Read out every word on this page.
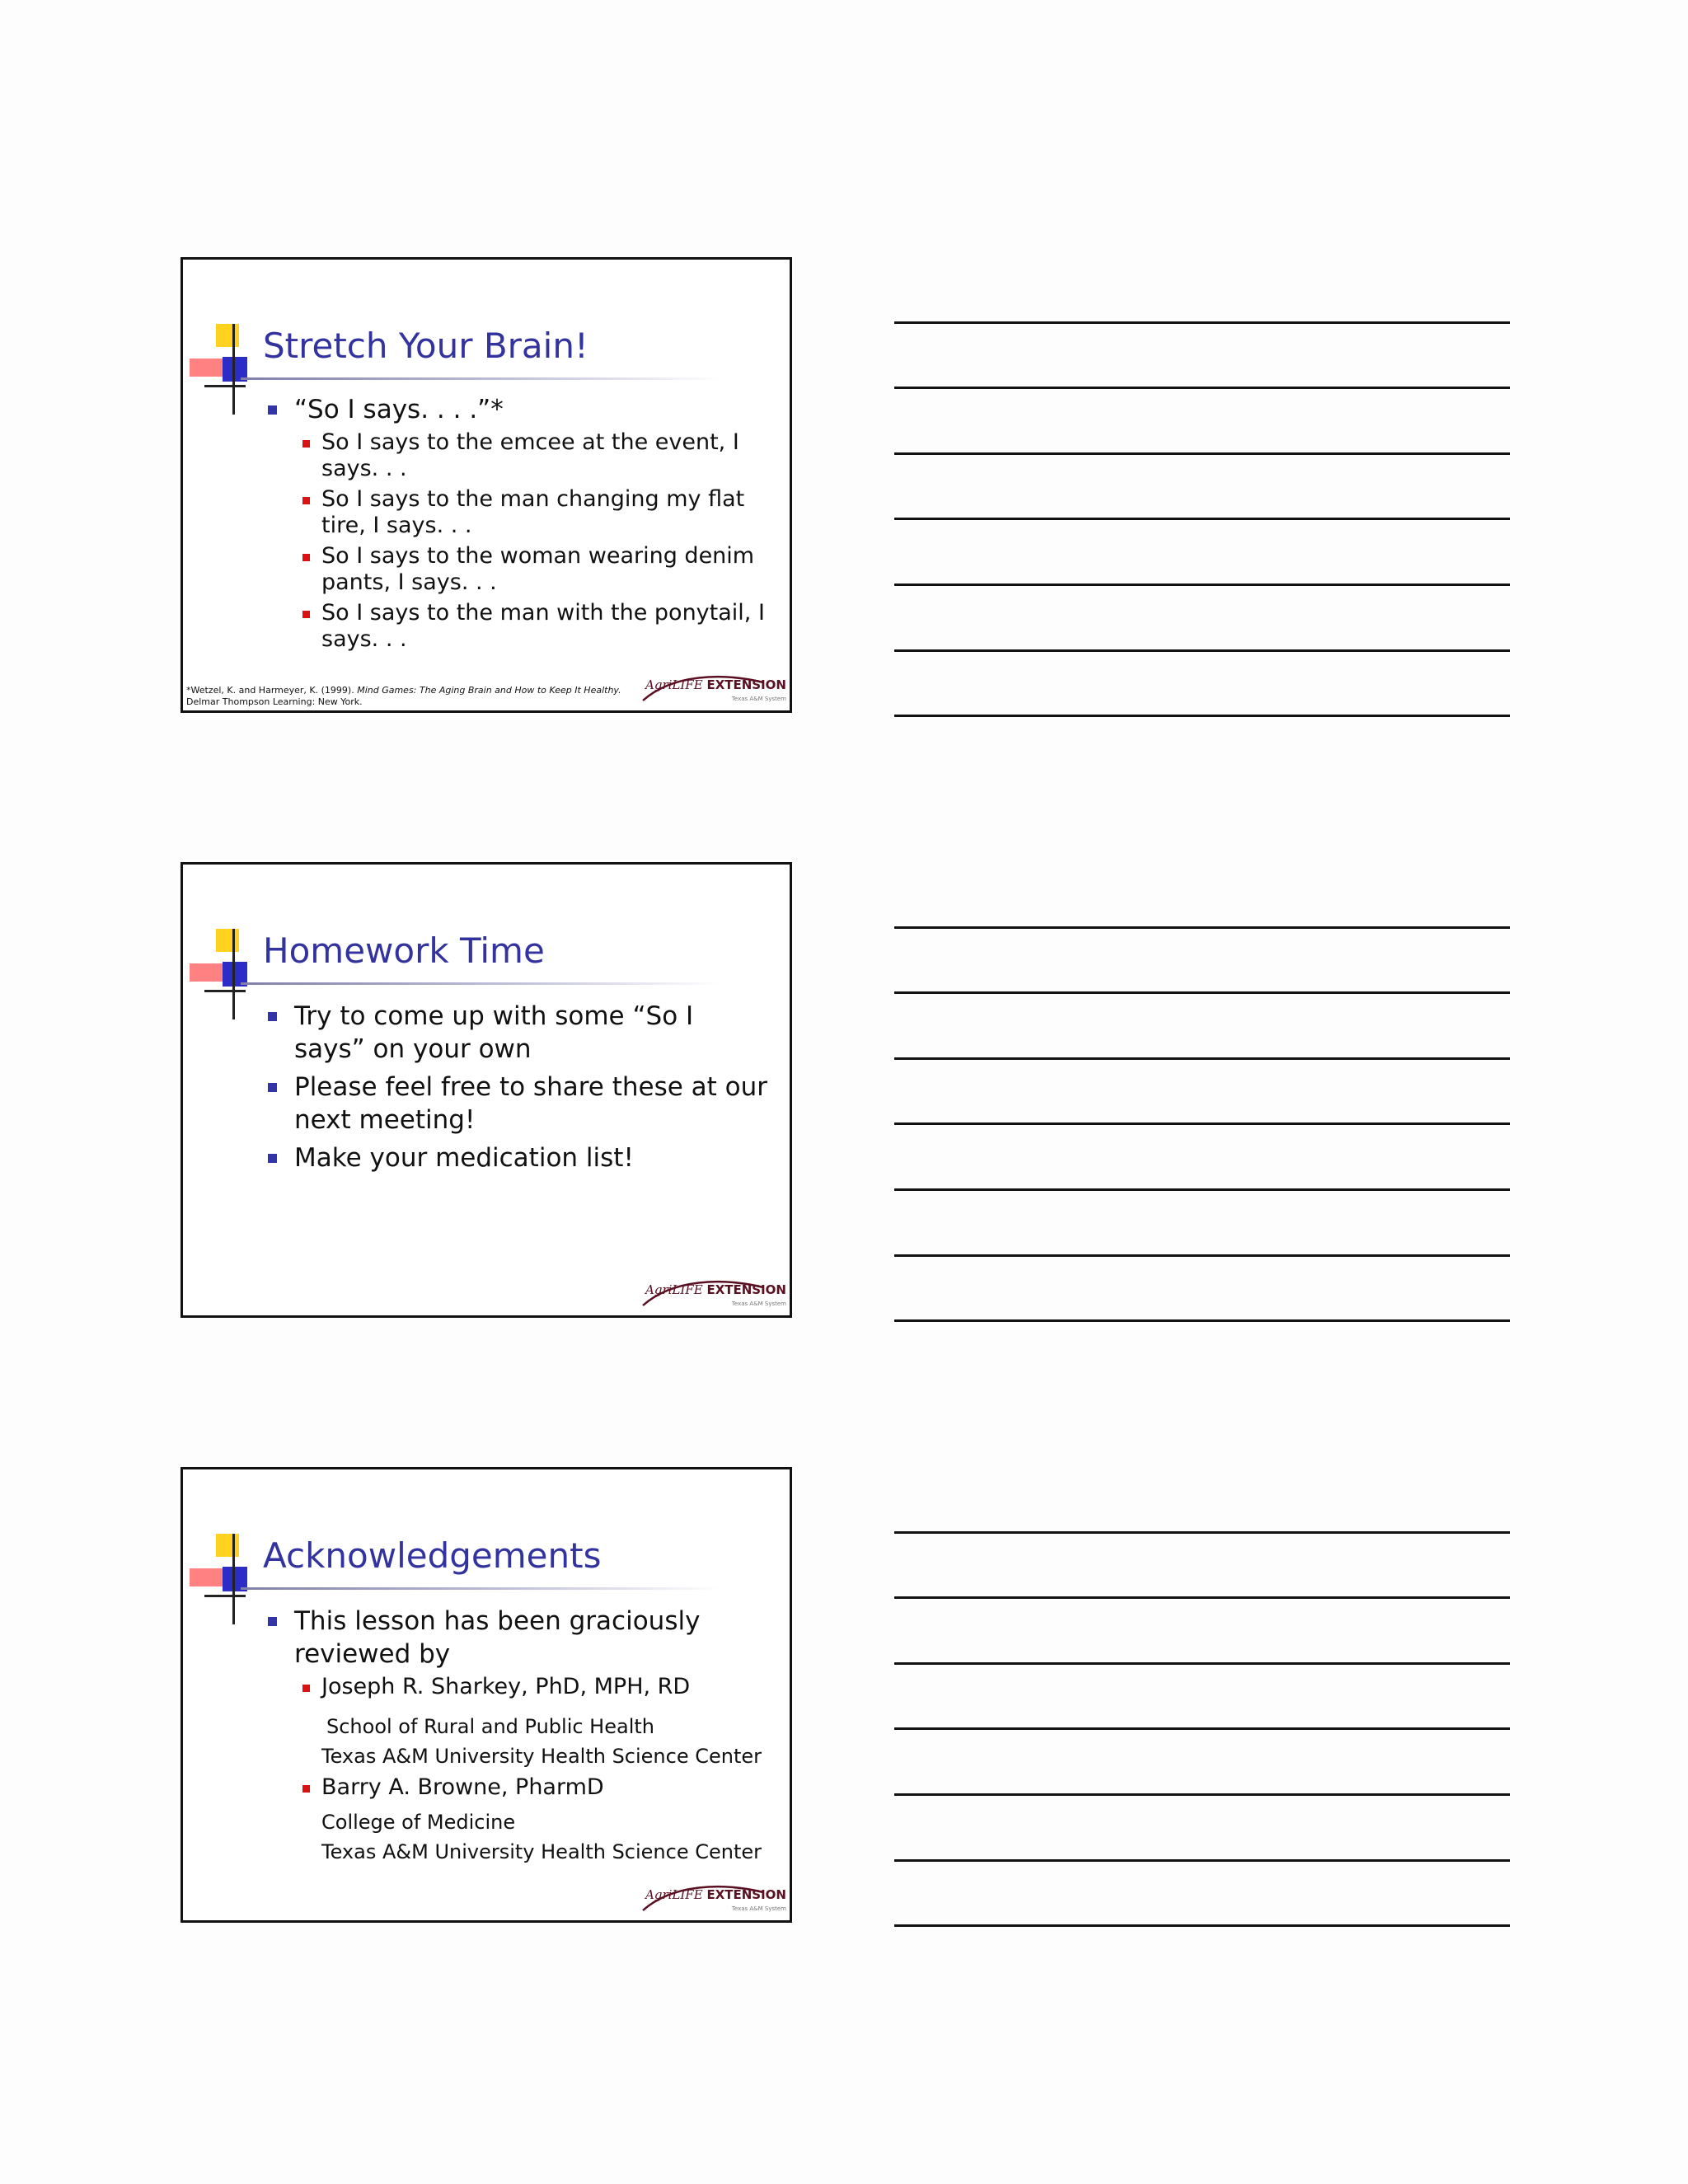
Stretch Your Brain!
“So I says. . . .”*
So I says to the emcee at the event, I says. . .
So I says to the man changing my flat tire, I says. . .
So I says to the woman wearing denim pants, I says. . .
So I says to the man with the ponytail, I says. . .
*Wetzel, K. and Harmeyer, K. (1999). Mind Games: The Aging Brain and How to Keep It Healthy.
Delmar Thompson Learning: New York.
AgriLIFE EXTENSION
Texas A&M System
Homework Time
Try to come up with some “So I says” on your own
Please feel free to share these at our next meeting!
Make your medication list!
AgriLIFE EXTENSION
Texas A&M System
Acknowledgements
This lesson has been graciously reviewed by
Joseph R. Sharkey, PhD, MPH, RD
School of Rural and Public Health
Texas A&M University Health Science Center
Barry A. Browne, PharmD
College of Medicine
Texas A&M University Health Science Center
AgriLIFE EXTENSION
Texas A&M System
